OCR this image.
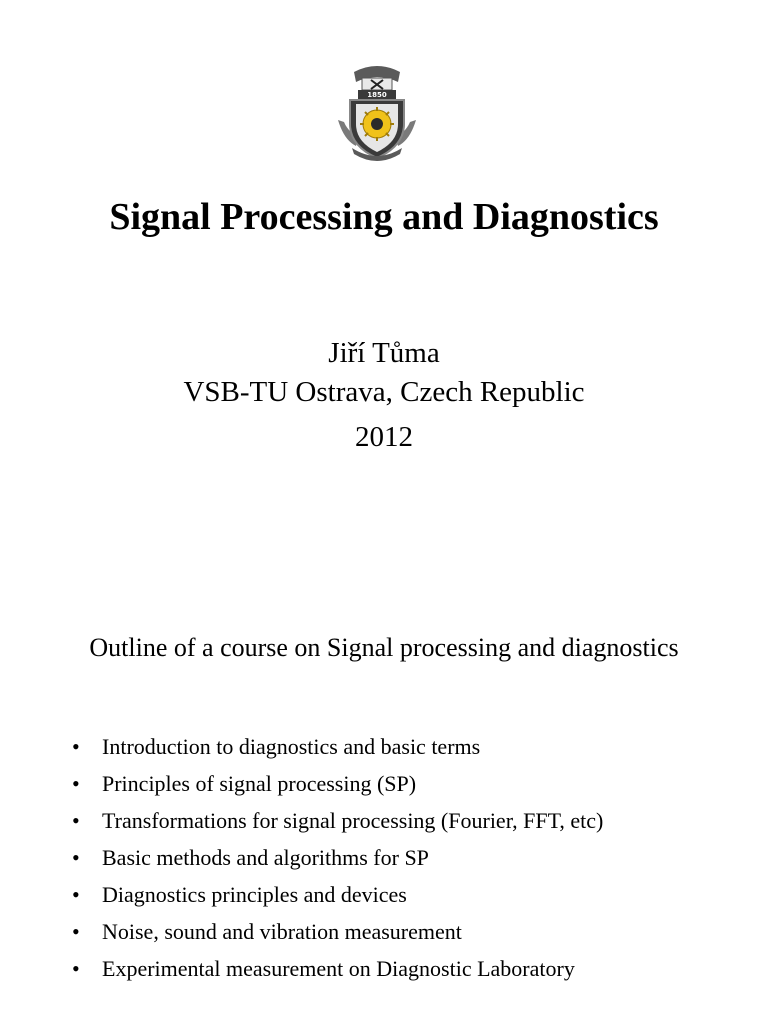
1850
Signal Processing and Diagnostics
Jiří Tůma
VSB-TU Ostrava, Czech Republic
2012
Outline of a course on Signal processing and diagnostics
• Introduction to diagnostics and basic terms
• Principles of signal processing (SP)
• Transformations for signal processing (Fourier, FFT, etc)
• Basic methods and algorithms for SP
• Diagnostics principles and devices
• Noise, sound and vibration measurement
• Experimental measurement on Diagnostic Laboratory
